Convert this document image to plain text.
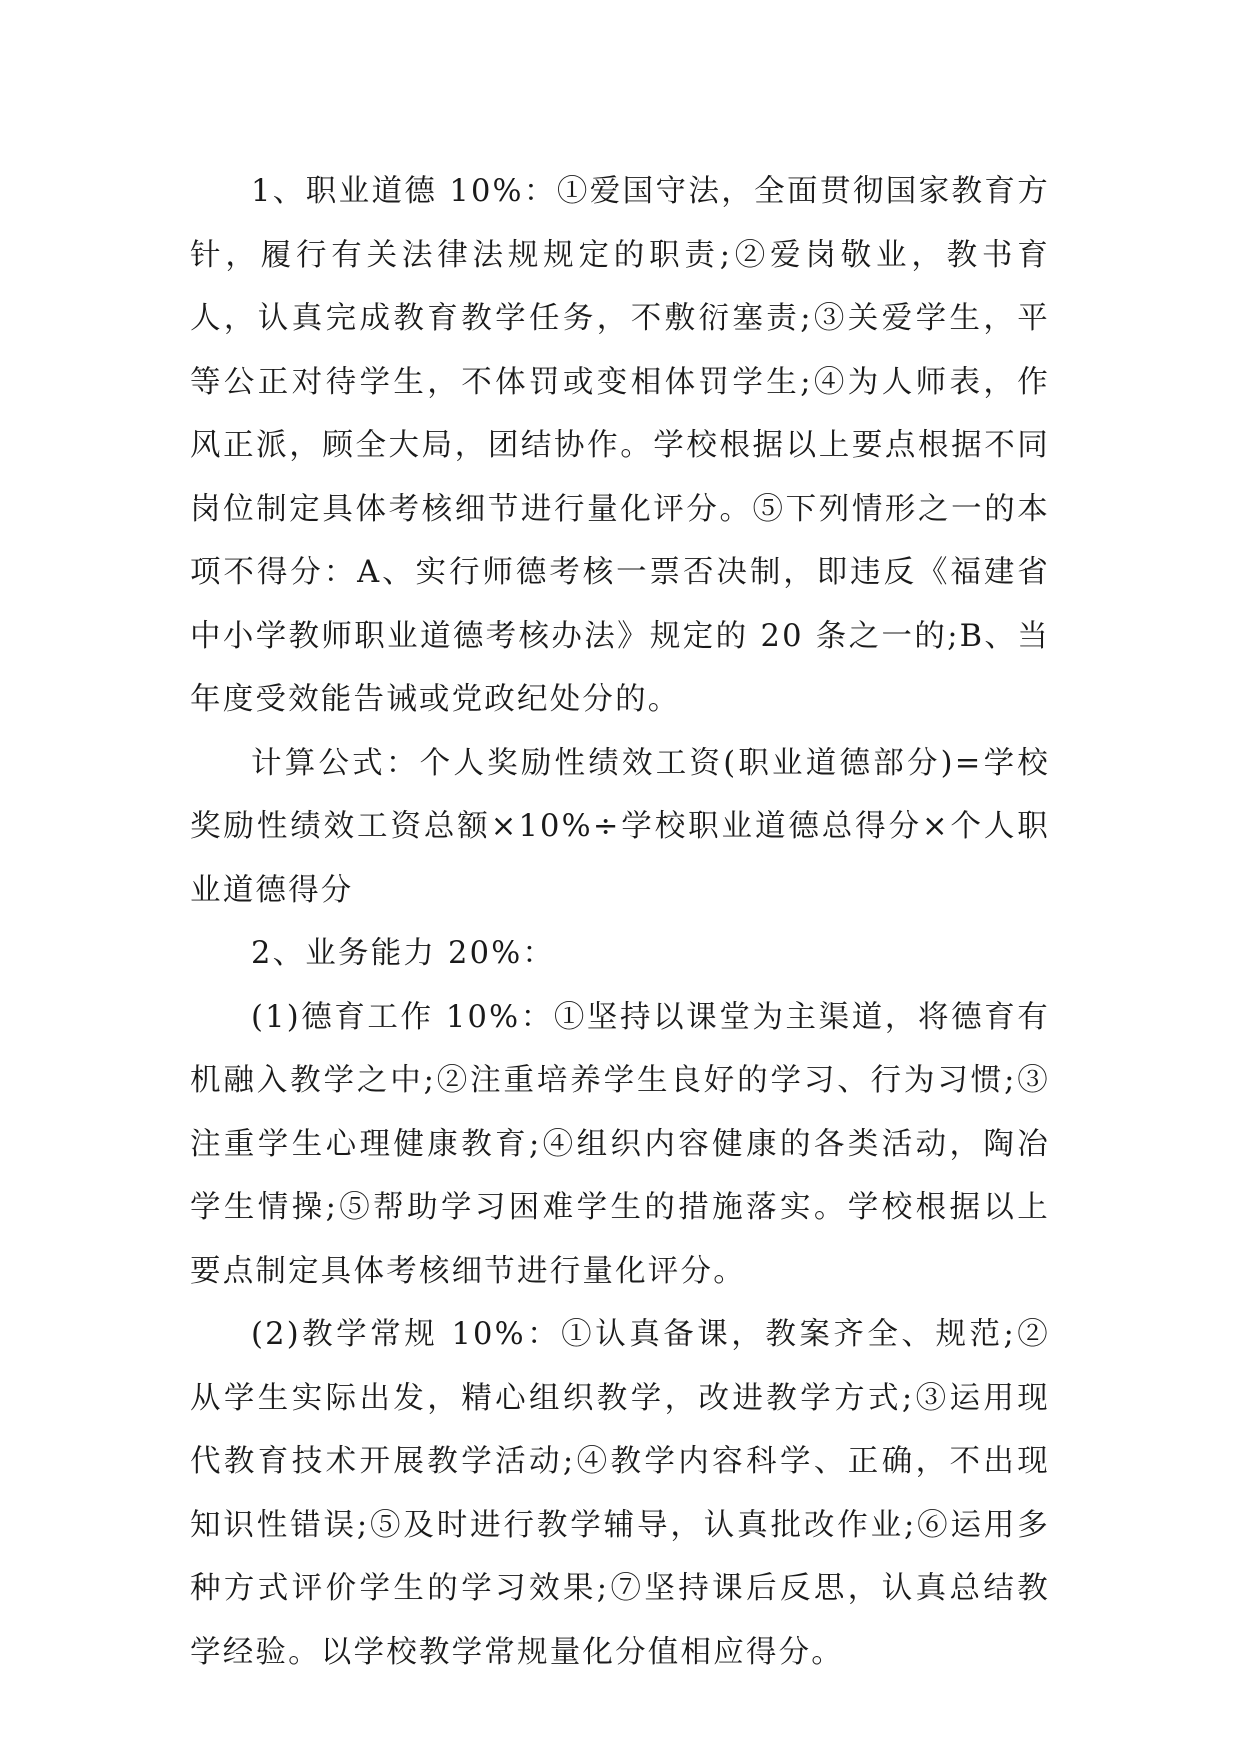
1、职业道德 10%：①爱国守法，全面贯彻国家教育方针，履行有关法律法规规定的职责;②爱岗敬业，教书育人，认真完成教育教学任务，不敷衍塞责;③关爱学生，平等公正对待学生，不体罚或变相体罚学生;④为人师表，作风正派，顾全大局，团结协作。学校根据以上要点根据不同岗位制定具体考核细节进行量化评分。⑤下列情形之一的本项不得分：A、实行师德考核一票否决制，即违反《福建省中小学教师职业道德考核办法》规定的 20 条之一的;B、当年度受效能告诫或党政纪处分的。

计算公式：个人奖励性绩效工资(职业道德部分)=学校奖励性绩效工资总额×10%÷学校职业道德总得分×个人职业道德得分

2、业务能力 20%：

(1)德育工作 10%：①坚持以课堂为主渠道，将德育有机融入教学之中;②注重培养学生良好的学习、行为习惯;③注重学生心理健康教育;④组织内容健康的各类活动，陶冶学生情操;⑤帮助学习困难学生的措施落实。学校根据以上要点制定具体考核细节进行量化评分。

(2)教学常规 10%：①认真备课，教案齐全、规范;②从学生实际出发，精心组织教学，改进教学方式;③运用现代教育技术开展教学活动;④教学内容科学、正确，不出现知识性错误;⑤及时进行教学辅导，认真批改作业;⑥运用多种方式评价学生的学习效果;⑦坚持课后反思，认真总结教学经验。以学校教学常规量化分值相应得分。
